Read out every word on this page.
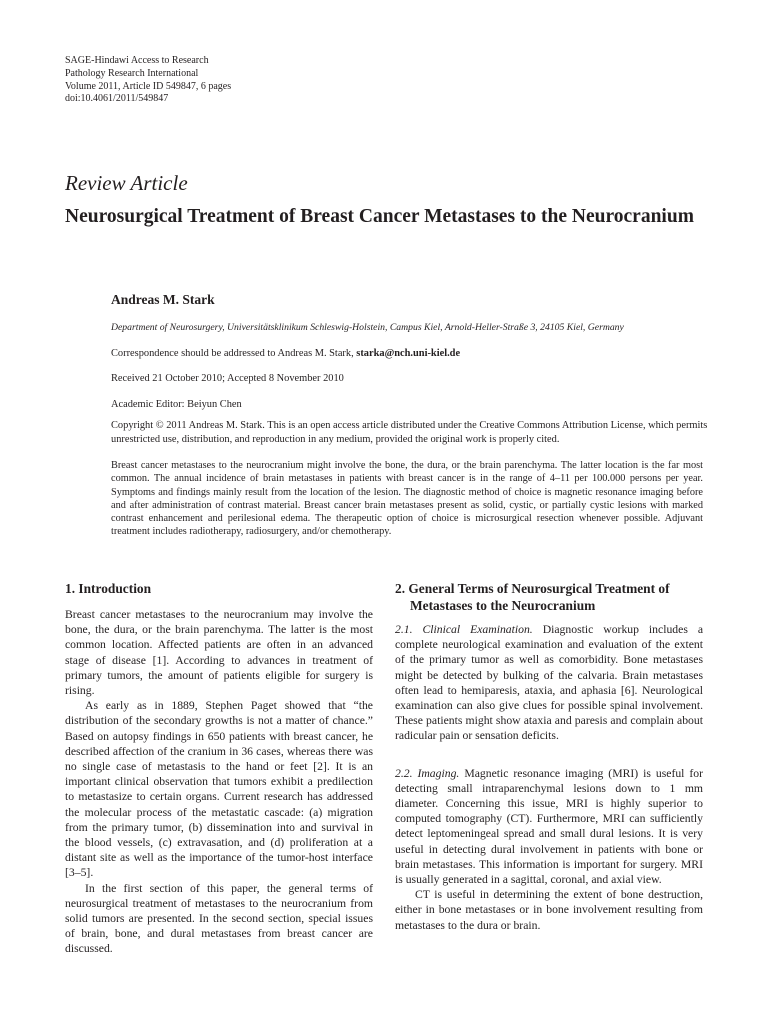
SAGE-Hindawi Access to Research
Pathology Research International
Volume 2011, Article ID 549847, 6 pages
doi:10.4061/2011/549847
Review Article
Neurosurgical Treatment of Breast Cancer Metastases to the Neurocranium
Andreas M. Stark
Department of Neurosurgery, Universitätsklinikum Schleswig-Holstein, Campus Kiel, Arnold-Heller-Straße 3, 24105 Kiel, Germany
Correspondence should be addressed to Andreas M. Stark, starka@nch.uni-kiel.de
Received 21 October 2010; Accepted 8 November 2010
Academic Editor: Beiyun Chen
Copyright © 2011 Andreas M. Stark. This is an open access article distributed under the Creative Commons Attribution License, which permits unrestricted use, distribution, and reproduction in any medium, provided the original work is properly cited.
Breast cancer metastases to the neurocranium might involve the bone, the dura, or the brain parenchyma. The latter location is the far most common. The annual incidence of brain metastases in patients with breast cancer is in the range of 4–11 per 100.000 persons per year. Symptoms and findings mainly result from the location of the lesion. The diagnostic method of choice is magnetic resonance imaging before and after administration of contrast material. Breast cancer brain metastases present as solid, cystic, or partially cystic lesions with marked contrast enhancement and perilesional edema. The therapeutic option of choice is microsurgical resection whenever possible. Adjuvant treatment includes radiotherapy, radiosurgery, and/or chemotherapy.
1. Introduction

Breast cancer metastases to the neurocranium may involve the bone, the dura, or the brain parenchyma. The latter is the most common location. Affected patients are often in an advanced stage of disease [1]. According to advances in treatment of primary tumors, the amount of patients eligible for surgery is rising.

As early as in 1889, Stephen Paget showed that “the distribution of the secondary growths is not a matter of chance.” Based on autopsy findings in 650 patients with breast cancer, he described affection of the cranium in 36 cases, whereas there was no single case of metastasis to the hand or feet [2]. It is an important clinical observation that tumors exhibit a predilection to metastasize to certain organs. Current research has addressed the molecular process of the metastatic cascade: (a) migration from the primary tumor, (b) dissemination into and survival in the blood vessels, (c) extravasation, and (d) proliferation at a distant site as well as the importance of the tumor-host interface [3–5].

In the first section of this paper, the general terms of neurosurgical treatment of metastases to the neurocranium from solid tumors are presented. In the second section, special issues of brain, bone, and dural metastases from breast cancer are discussed.

2. General Terms of Neurosurgical Treatment of Metastases to the Neurocranium

2.1. Clinical Examination. Diagnostic workup includes a complete neurological examination and evaluation of the extent of the primary tumor as well as comorbidity. Bone metastases might be detected by bulking of the calvaria. Brain metastases often lead to hemiparesis, ataxia, and aphasia [6]. Neurological examination can also give clues for possible spinal involvement. These patients might show ataxia and paresis and complain about radicular pain or sensation deficits.

2.2. Imaging. Magnetic resonance imaging (MRI) is useful for detecting small intraparenchymal lesions down to 1 mm diameter. Concerning this issue, MRI is highly superior to computed tomography (CT). Furthermore, MRI can sufficiently detect leptomeningeal spread and small dural lesions. It is very useful in detecting dural involvement in patients with bone or brain metastases. This information is important for surgery. MRI is usually generated in a sagittal, coronal, and axial view.

CT is useful in determining the extent of bone destruction, either in bone metastases or in bone involvement resulting from metastases to the dura or brain.
